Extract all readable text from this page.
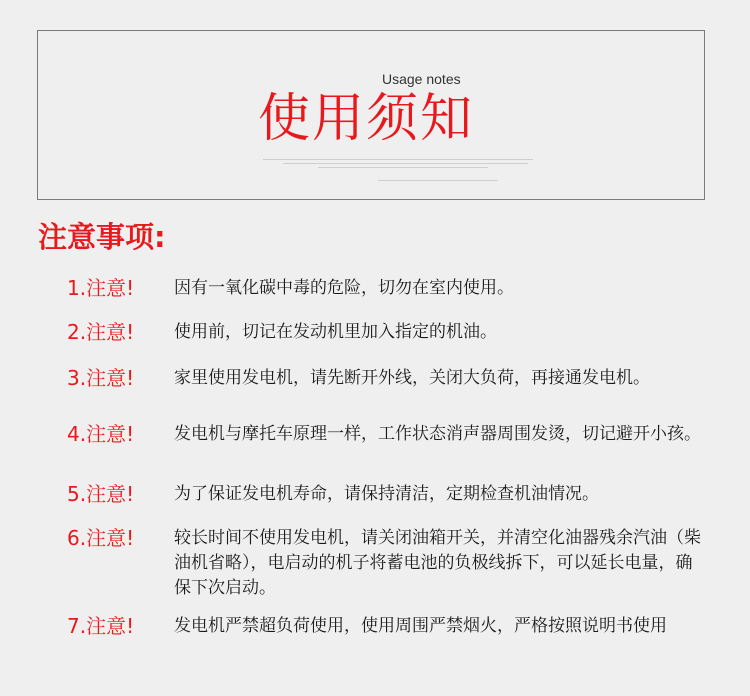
Usage notes
使用须知
注意事项:
1.注意! 因有一氧化碳中毒的危险，切勿在室内使用。
2.注意! 使用前，切记在发动机里加入指定的机油。
3.注意! 家里使用发电机，请先断开外线，关闭大负荷，再接通发电机。
4.注意! 发电机与摩托车原理一样，工作状态消声器周围发烫，切记避开小孩。
5.注意! 为了保证发电机寿命，请保持清洁，定期检查机油情况。
6.注意! 较长时间不使用发电机，请关闭油箱开关，并清空化油器残余汽油（柴油机省略），电启动的机子将蓄电池的负极线拆下，可以延长电量，确保下次启动。
7.注意! 发电机严禁超负荷使用，使用周围严禁烟火，严格按照说明书使用
